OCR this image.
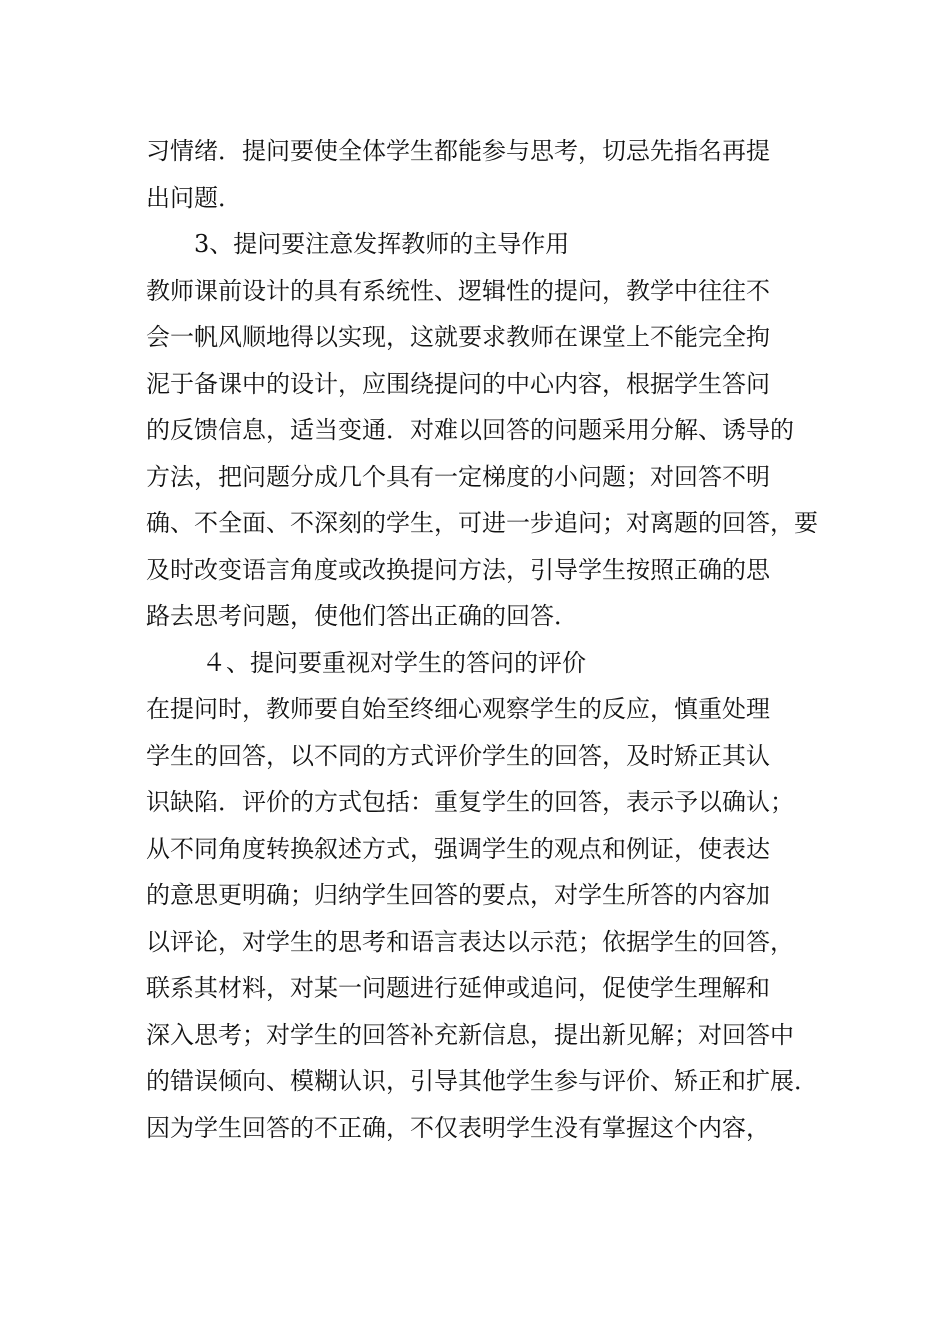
习情绪．提问要使全体学生都能参与思考，切忌先指名再提
出问题．
3、提问要注意发挥教师的主导作用
教师课前设计的具有系统性、逻辑性的提问，教学中往往不
会一帆风顺地得以实现，这就要求教师在课堂上不能完全拘
泥于备课中的设计，应围绕提问的中心内容，根据学生答问
的反馈信息，适当变通．对难以回答的问题采用分解、诱导的
方法，把问题分成几个具有一定梯度的小问题；对回答不明
确、不全面、不深刻的学生，可进一步追问；对离题的回答，要
及时改变语言角度或改换提问方法，引导学生按照正确的思
路去思考问题，使他们答出正确的回答．
４、提问要重视对学生的答问的评价
在提问时，教师要自始至终细心观察学生的反应，慎重处理
学生的回答，以不同的方式评价学生的回答，及时矫正其认
识缺陷．评价的方式包括：重复学生的回答，表示予以确认；
从不同角度转换叙述方式，强调学生的观点和例证，使表达
的意思更明确；归纳学生回答的要点，对学生所答的内容加
以评论，对学生的思考和语言表达以示范；依据学生的回答，
联系其材料，对某一问题进行延伸或追问，促使学生理解和
深入思考；对学生的回答补充新信息，提出新见解；对回答中
的错误倾向、模糊认识，引导其他学生参与评价、矫正和扩展．
因为学生回答的不正确，不仅表明学生没有掌握这个内容，
